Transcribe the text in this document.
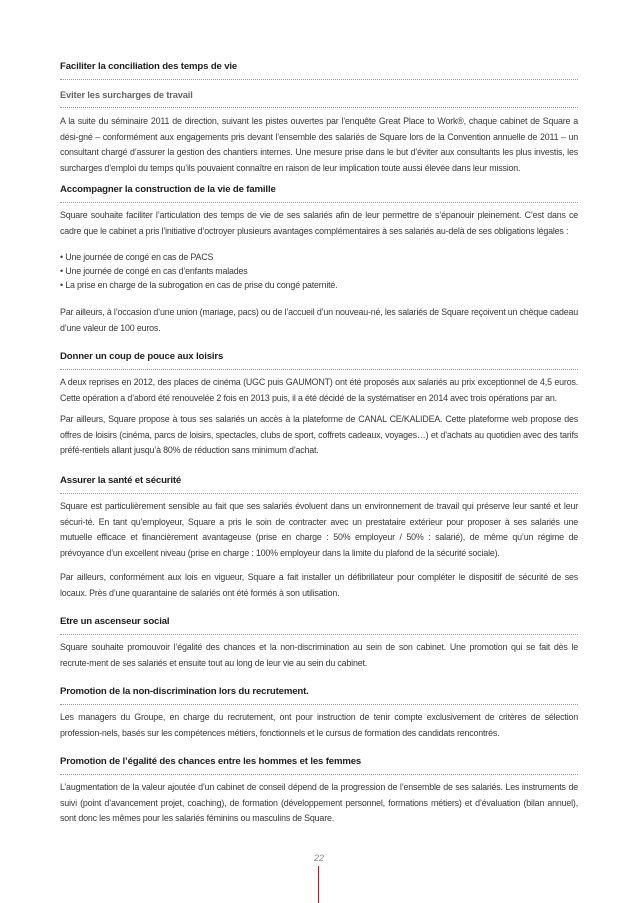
Faciliter la conciliation des temps de vie
Eviter les surcharges de travail
A la suite du séminaire 2011 de direction, suivant les pistes ouvertes par l’enquête Great Place to Work®, chaque cabinet de Square a dési-gné – conformément aux engagements pris devant l’ensemble des salariés de Square lors de la Convention annuelle de 2011 – un consultant chargé d’assurer la gestion des chantiers internes. Une mesure prise dans le but d’éviter aux consultants les plus investis, les surcharges d’emploi du temps qu’ils pouvaient connaître en raison de leur implication toute aussi élevée dans leur mission.
Accompagner la construction de la vie de famille
Square souhaite faciliter l’articulation des temps de vie de ses salariés afin de leur permettre de s’épanouir pleinement. C’est dans ce cadre que le cabinet a pris l’initiative d’octroyer plusieurs avantages complémentaires à ses salariés au-delà de ses obligations légales :
• Une journée de congé en cas de PACS
• Une journée de congé en cas d’enfants malades
• La prise en charge de la subrogation en cas de prise du congé paternité.
Par ailleurs, à l’occasion d’une union (mariage, pacs) ou de l’accueil d’un nouveau-né, les salariés de Square reçoivent un chèque cadeau d’une valeur de 100 euros.
Donner un coup de pouce aux loisirs
A deux reprises en 2012, des places de cinéma (UGC puis GAUMONT) ont été proposés aux salariés au prix exceptionnel de 4,5 euros. Cette opération a d’abord été renouvelée 2 fois en 2013 puis, il a été décidé de la systématiser en 2014 avec trois opérations par an.
Par ailleurs, Square propose à tous ses salariés un accès à la plateforme de CANAL CE/KALIDEA. Cette plateforme web propose des offres de loisirs (cinéma, parcs de loisirs, spectacles, clubs de sport, coffrets cadeaux, voyages…) et d’achats au quotidien avec des tarifs préfé-rentiels allant jusqu’à 80% de réduction sans minimum d’achat.
Assurer la santé et sécurité
Square est particulièrement sensible au fait que ses salariés évoluent dans un environnement de travail qui préserve leur santé et leur sécuri-té. En tant qu’employeur, Square a pris le soin de contracter avec un prestataire extérieur pour proposer à ses salariés une mutuelle efficace et financièrement avantageuse (prise en charge : 50% employeur / 50% : salarié), de même qu’un régime de prévoyance d’un excellent niveau (prise en charge : 100% employeur dans la limite du plafond de la sécurité sociale).
Par ailleurs, conformément aux lois en vigueur, Square a fait installer un défibrillateur pour compléter le dispositif de sécurité de ses locaux. Près d’une quarantaine de salariés ont été formés à son utilisation.
Etre un ascenseur social
Square souhaite promouvoir l’égalité des chances et la non-discrimination au sein de son cabinet. Une promotion qui se fait dès le recrute-ment de ses salariés et ensuite tout au long de leur vie au sein du cabinet.
Promotion de la non-discrimination lors du recrutement.
Les managers du Groupe, en charge du recrutement, ont pour instruction de tenir compte exclusivement de critères de sélection profession-nels, basés sur les compétences métiers, fonctionnels et le cursus de formation des candidats rencontrés.
Promotion de l’égalité des chances entre les hommes et les femmes
L’augmentation de la valeur ajoutée d’un cabinet de conseil dépend de la progression de l’ensemble de ses salariés. Les instruments de suivi (point d’avancement projet, coaching), de formation (développement personnel, formations métiers) et d’évaluation (bilan annuel), sont donc les mêmes pour les salariés féminins ou masculins de Square.
22
